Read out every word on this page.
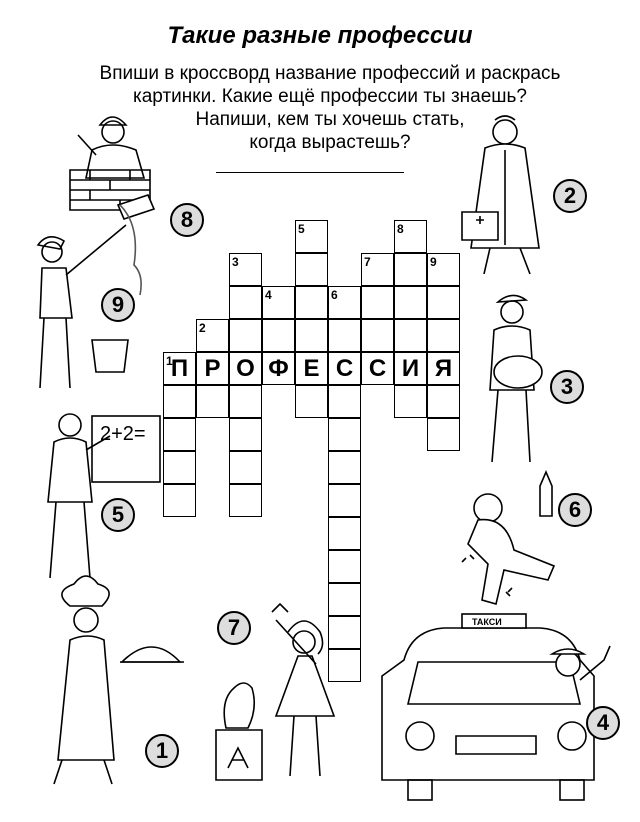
Такие разные профессии

Впиши в кроссворд название профессий и раскрась

картинки. Какие ещё профессии ты знаешь?

Напиши, кем ты хочешь стать,

когда вырастешь?

2+2=
ТАКСИ
1
2
3
4
5
6
7
8
9
П Р О Ф Е С С И Я
1
2
3
4
5	6
7
8
9
